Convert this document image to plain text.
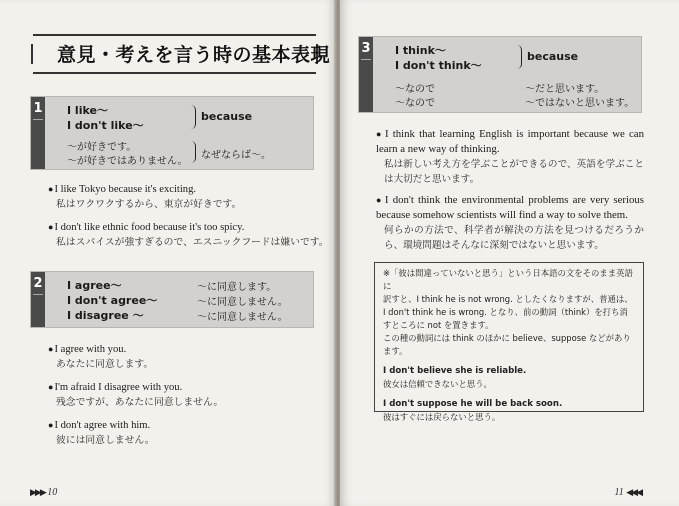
意見・考えを言う時の基本表現
1 I like～
I don't like～
because
～が好きです。
～が好きではありません。
なぜならば～。
● I like Tokyo because it's exciting.
私はワクワクするから、東京が好きです。
● I don't like ethnic food because it's too spicy.
私はスパイスが強すぎるので、エスニックフードは嫌いです。
2 I agree～
I don't agree～
I disagree ～
～に同意します。
～に同意しません。
～に同意しません。
● I agree with you.
あなたに同意します。
● I'm afraid I disagree with you.
残念ですが、あなたに同意しません。
● I don't agree with him.
彼には同意しません。
▶▶▶ 10
3 I think～
I don't think～
because
～なので
～なので
～だと思います。
～ではないと思います。
● I think that learning English is important because we can learn a new way of thinking.
私は新しい考え方を学ぶことができるので、英語を学ぶことは大切だと思います。
● I don't think the environmental problems are very serious because somehow scientists will find a way to solve them.
何らかの方法で、科学者が解決の方法を見つけるだろうから、環境問題はそんなに深刻ではないと思います。
11 ◀◀◀
※「彼は間違っていないと思う」という日本語の文をそのまま英語に
訳すと、I think he is not wrong. としたくなりますが、普通は、
I don't think he is wrong. となり、前の動詞（think）を打ち消
すところに not を置きます。
この種の動詞には think のほかに believe、suppose などがあり
ます。
I don't believe she is reliable.
彼女は信頼できないと思う。
I don't suppose he will be back soon.
彼はすぐには戻らないと思う。
